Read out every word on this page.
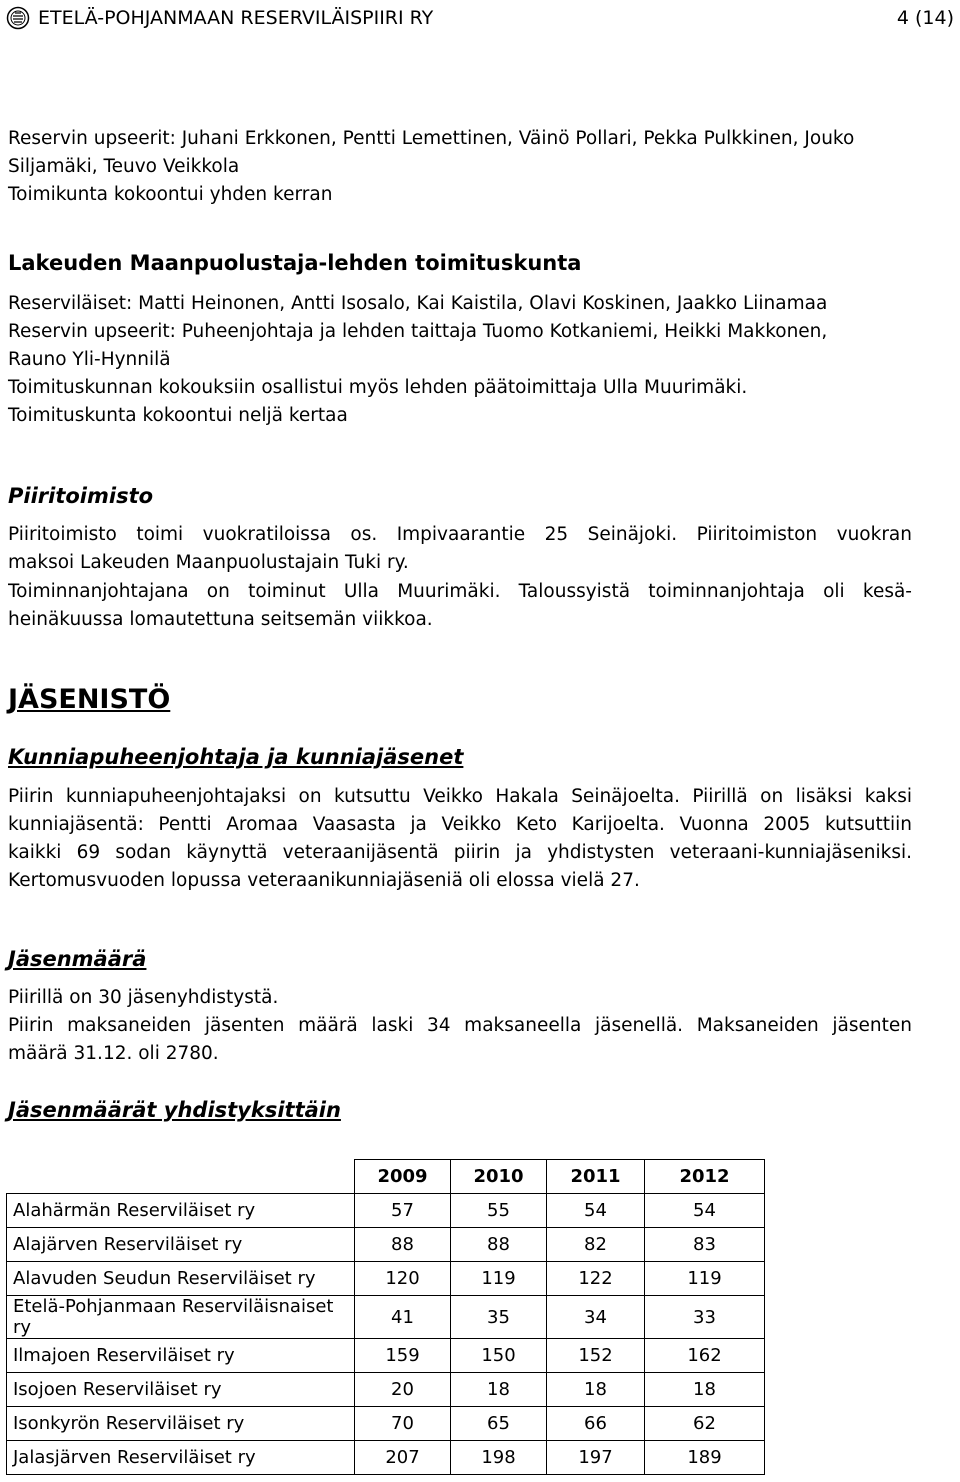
ETELÄ-POHJANMAAN RESERVILÄISPIIRI RY	4 (14)
Reservin upseerit: Juhani Erkkonen, Pentti Lemettinen, Väinö Pollari, Pekka Pulkkinen, Jouko
Siljamäki, Teuvo Veikkola
Toimikunta kokoontui yhden kerran
Lakeuden Maanpuolustaja-lehden toimituskunta
Reserviläiset: Matti Heinonen, Antti Isosalo, Kai Kaistila, Olavi Koskinen, Jaakko Liinamaa
Reservin upseerit: Puheenjohtaja ja lehden taittaja Tuomo Kotkaniemi, Heikki Makkonen,
Rauno Yli-Hynnilä
Toimituskunnan kokouksiin osallistui myös lehden päätoimittaja Ulla Muurimäki.
Toimituskunta kokoontui neljä kertaa
Piiritoimisto
Piiritoimisto toimi vuokratiloissa os. Impivaarantie 25 Seinäjoki. Piiritoimiston vuokran
maksoi Lakeuden Maanpuolustajain Tuki ry.
Toiminnanjohtajana on toiminut Ulla Muurimäki. Taloussyistä toiminnanjohtaja oli kesä-
heinäkuussa lomautettuna seitsemän viikkoa.
JÄSENISTÖ
Kunniapuheenjohtaja ja kunniajäsenet
Piirin kunniapuheenjohtajaksi on kutsuttu Veikko Hakala Seinäjoelta. Piirillä on lisäksi kaksi
kunniajäsentä: Pentti Aromaa Vaasasta ja Veikko Keto Karijoelta. Vuonna 2005 kutsuttiin
kaikki 69 sodan käynyttä veteraanijäsentä piirin ja yhdistysten veteraani-kunniajäseniksi.
Kertomusvuoden lopussa veteraanikunniajäseniä oli elossa vielä 27.
Jäsenmäärä
Piirillä on 30 jäsenyhdistystä.
Piirin maksaneiden jäsenten määrä laski 34 maksaneella jäsenellä. Maksaneiden jäsenten
määrä 31.12. oli 2780.
Jäsenmäärät yhdistyksittäin
	2009	2010	2011	2012
Alahärmän Reserviläiset ry	57	55	54	54
Alajärven Reserviläiset ry	88	88	82	83
Alavuden Seudun Reserviläiset ry	120	119	122	119
Etelä-Pohjanmaan Reserviläisnaiset ry	41	35	34	33
Ilmajoen Reserviläiset ry	159	150	152	162
Isojoen Reserviläiset ry	20	18	18	18
Isonkyrön Reserviläiset ry	70	65	66	62
Jalasjärven Reserviläiset ry	207	198	197	189
